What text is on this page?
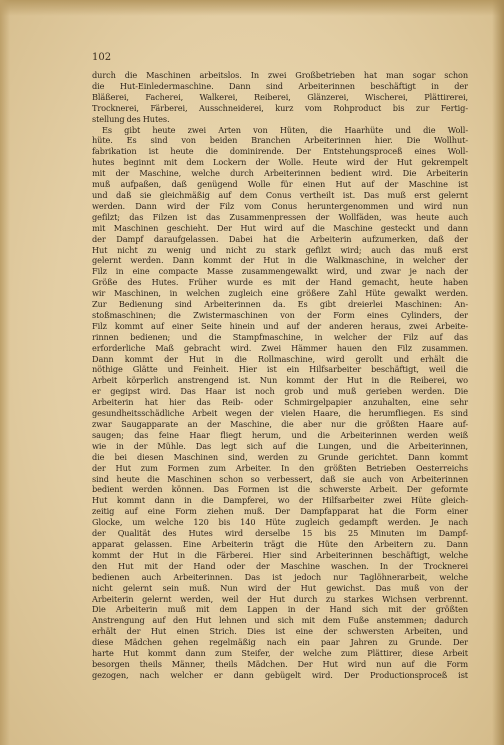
102
durch die Maschinen arbeitslos. In zwei Großbetrieben hat man sogar schon
die Hut-Einledermaschine. Dann sind Arbeiterinnen beschäftigt in der
Bläßerei, Facherei, Walkerei, Reiberei, Glänzerei, Wischerei, Plättirerei,
Trocknerei, Färberei, Ausschneiderei, kurz vom Rohproduct bis zur Fertig-
stellung des Hutes.
Es gibt heute zwei Arten von Hüten, die Haarhüte und die Woll-
hüte. Es sind von beiden Branchen Arbeiterinnen hier. Die Wollhut-
fabrikation ist heute die dominirende. Der Entstehungsproceß eines Woll-
hutes beginnt mit dem Lockern der Wolle. Heute wird der Hut gekrempelt
mit der Maschine, welche durch Arbeiterinnen bedient wird. Die Arbeiterin
muß aufpaßen, daß genügend Wolle für einen Hut auf der Maschine ist
und daß sie gleichmäßig auf dem Conus vertheilt ist. Das muß erst gelernt
werden. Dann wird der Filz vom Conus heruntergenommen und wird nun
gefilzt; das Filzen ist das Zusammenpressen der Wollfäden, was heute auch
mit Maschinen geschieht. Der Hut wird auf die Maschine gesteckt und dann
der Dampf daraufgelassen. Dabei hat die Arbeiterin aufzumerken, daß der
Hut nicht zu wenig und nicht zu stark gefilzt wird; auch das muß erst
gelernt werden. Dann kommt der Hut in die Walkmaschine, in welcher der
Filz in eine compacte Masse zusammengewalkt wird, und zwar je nach der
Größe des Hutes. Früher wurde es mit der Hand gemacht, heute haben
wir Maschinen, in welchen zugleich eine größere Zahl Hüte gewalkt werden.
Zur Bedienung sind Arbeiterinnen da. Es gibt dreierlei Maschinen: An-
stoßmaschinen; die Zwistermaschinen von der Form eines Cylinders, der
Filz kommt auf einer Seite hinein und auf der anderen heraus, zwei Arbeite-
rinnen bedienen; und die Stampfmaschine, in welcher der Filz auf das
erforderliche Maß gebracht wird. Zwei Hämmer hauen den Filz zusammen.
Dann kommt der Hut in die Rollmaschine, wird gerollt und erhält die
nöthige Glätte und Feinheit. Hier ist ein Hilfsarbeiter beschäftigt, weil die
Arbeit körperlich anstrengend ist. Nun kommt der Hut in die Reiberei, wo
er gegipst wird. Das Haar ist noch grob und muß gerieben werden. Die
Arbeiterin hat hier das Reib- oder Schmirgelpapier anzuhalten, eine sehr
gesundheitsschädliche Arbeit wegen der vielen Haare, die herumfliegen. Es sind
zwar Saugapparate an der Maschine, die aber nur die größten Haare auf-
saugen; das feine Haar fliegt herum, und die Arbeiterinnen werden weiß
wie in der Mühle. Das legt sich auf die Lungen, und die Arbeiterinnen,
die bei diesen Maschinen sind, werden zu Grunde gerichtet. Dann kommt
der Hut zum Formen zum Arbeiter. In den größten Betrieben Oesterreichs
sind heute die Maschinen schon so verbessert, daß sie auch von Arbeiterinnen
bedient werden können. Das Formen ist die schwerste Arbeit. Der geformte
Hut kommt dann in die Dampferei, wo der Hilfsarbeiter zwei Hüte gleich-
zeitig auf eine Form ziehen muß. Der Dampfapparat hat die Form einer
Glocke, um welche 120 bis 140 Hüte zugleich gedampft werden. Je nach
der Qualität des Hutes wird derselbe 15 bis 25 Minuten im Dampf-
apparat gelassen. Eine Arbeiterin trägt die Hüte den Arbeitern zu. Dann
kommt der Hut in die Färberei. Hier sind Arbeiterinnen beschäftigt, welche
den Hut mit der Hand oder der Maschine waschen. In der Trocknerei
bedienen auch Arbeiterinnen. Das ist jedoch nur Taglöhnerarbeit, welche
nicht gelernt sein muß. Nun wird der Hut gewichst. Das muß von der
Arbeiterin gelernt werden, weil der Hut durch zu starkes Wichsen verbrennt.
Die Arbeiterin muß mit dem Lappen in der Hand sich mit der größten
Anstrengung auf den Hut lehnen und sich mit dem Fuße anstemmen; dadurch
erhält der Hut einen Strich. Dies ist eine der schwersten Arbeiten, und
diese Mädchen gehen regelmäßig nach ein paar Jahren zu Grunde. Der
harte Hut kommt dann zum Steifer, der welche zum Plättirer, diese Arbeit
besorgen theils Männer, theils Mädchen. Der Hut wird nun auf die Form
gezogen, nach welcher er dann gebügelt wird. Der Productionsproceß ist
